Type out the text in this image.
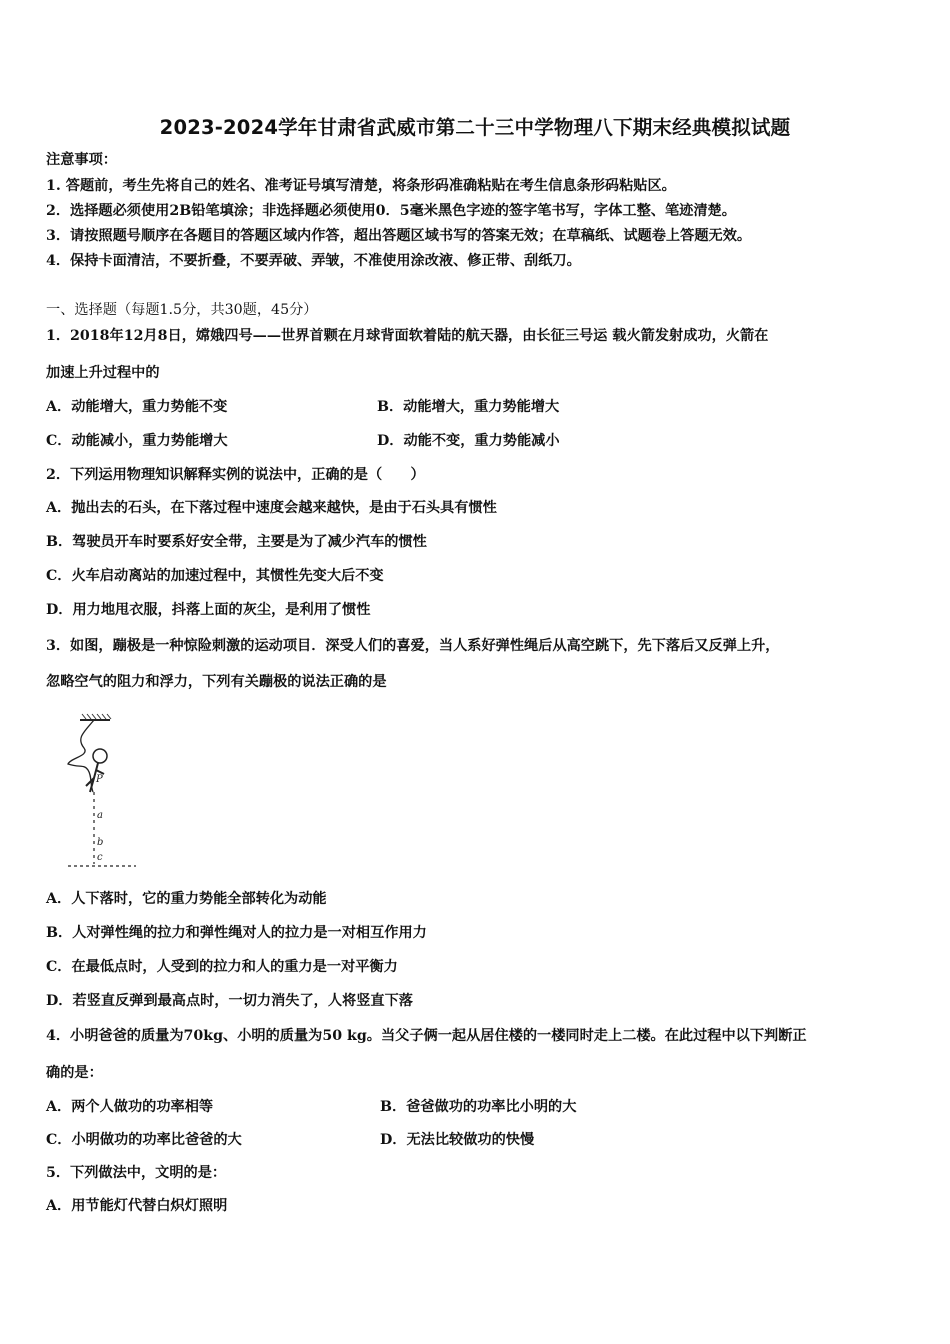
2023-2024学年甘肃省武威市第二十三中学物理八下期末经典模拟试题
注意事项：
1. 答题前，考生先将自己的姓名、准考证号填写清楚，将条形码准确粘贴在考生信息条形码粘贴区。
2．选择题必须使用2B铅笔填涂；非选择题必须使用0．5毫米黑色字迹的签字笔书写，字体工整、笔迹清楚。
3．请按照题号顺序在各题目的答题区域内作答，超出答题区域书写的答案无效；在草稿纸、试题卷上答题无效。
4．保持卡面清洁，不要折叠，不要弄破、弄皱，不准使用涂改液、修正带、刮纸刀。
一、选择题（每题1.5分，共30题，45分）
1．2018年12月8日，嫦娥四号——世界首颗在月球背面软着陆的航天器，由长征三号运 载火箭发射成功，火箭在
加速上升过程中的
A．动能增大，重力势能不变	B．动能增大，重力势能增大
C．动能减小，重力势能增大	D．动能不变，重力势能减小
2．下列运用物理知识解释实例的说法中，正确的是（　　）
A．抛出去的石头，在下落过程中速度会越来越快，是由于石头具有惯性
B．驾驶员开车时要系好安全带，主要是为了减少汽车的惯性
C．火车启动离站的加速过程中，其惯性先变大后不变
D．用力地甩衣服，抖落上面的灰尘，是利用了惯性
3．如图，蹦极是一种惊险刺激的运动项目．深受人们的喜爱，当人系好弹性绳后从高空跳下，先下落后又反弹上升，
忽略空气的阻力和浮力，下列有关蹦极的说法正确的是
P
a
b
c
A．人下落时，它的重力势能全部转化为动能
B．人对弹性绳的拉力和弹性绳对人的拉力是一对相互作用力
C．在最低点时，人受到的拉力和人的重力是一对平衡力
D．若竖直反弹到最高点时，一切力消失了，人将竖直下落
4．小明爸爸的质量为70kg、小明的质量为50 kg。当父子俩一起从居住楼的一楼同时走上二楼。在此过程中以下判断正
确的是：
A．两个人做功的功率相等	B．爸爸做功的功率比小明的大
C．小明做功的功率比爸爸的大	D．无法比较做功的快慢
5．下列做法中，文明的是：
A．用节能灯代替白炽灯照明
